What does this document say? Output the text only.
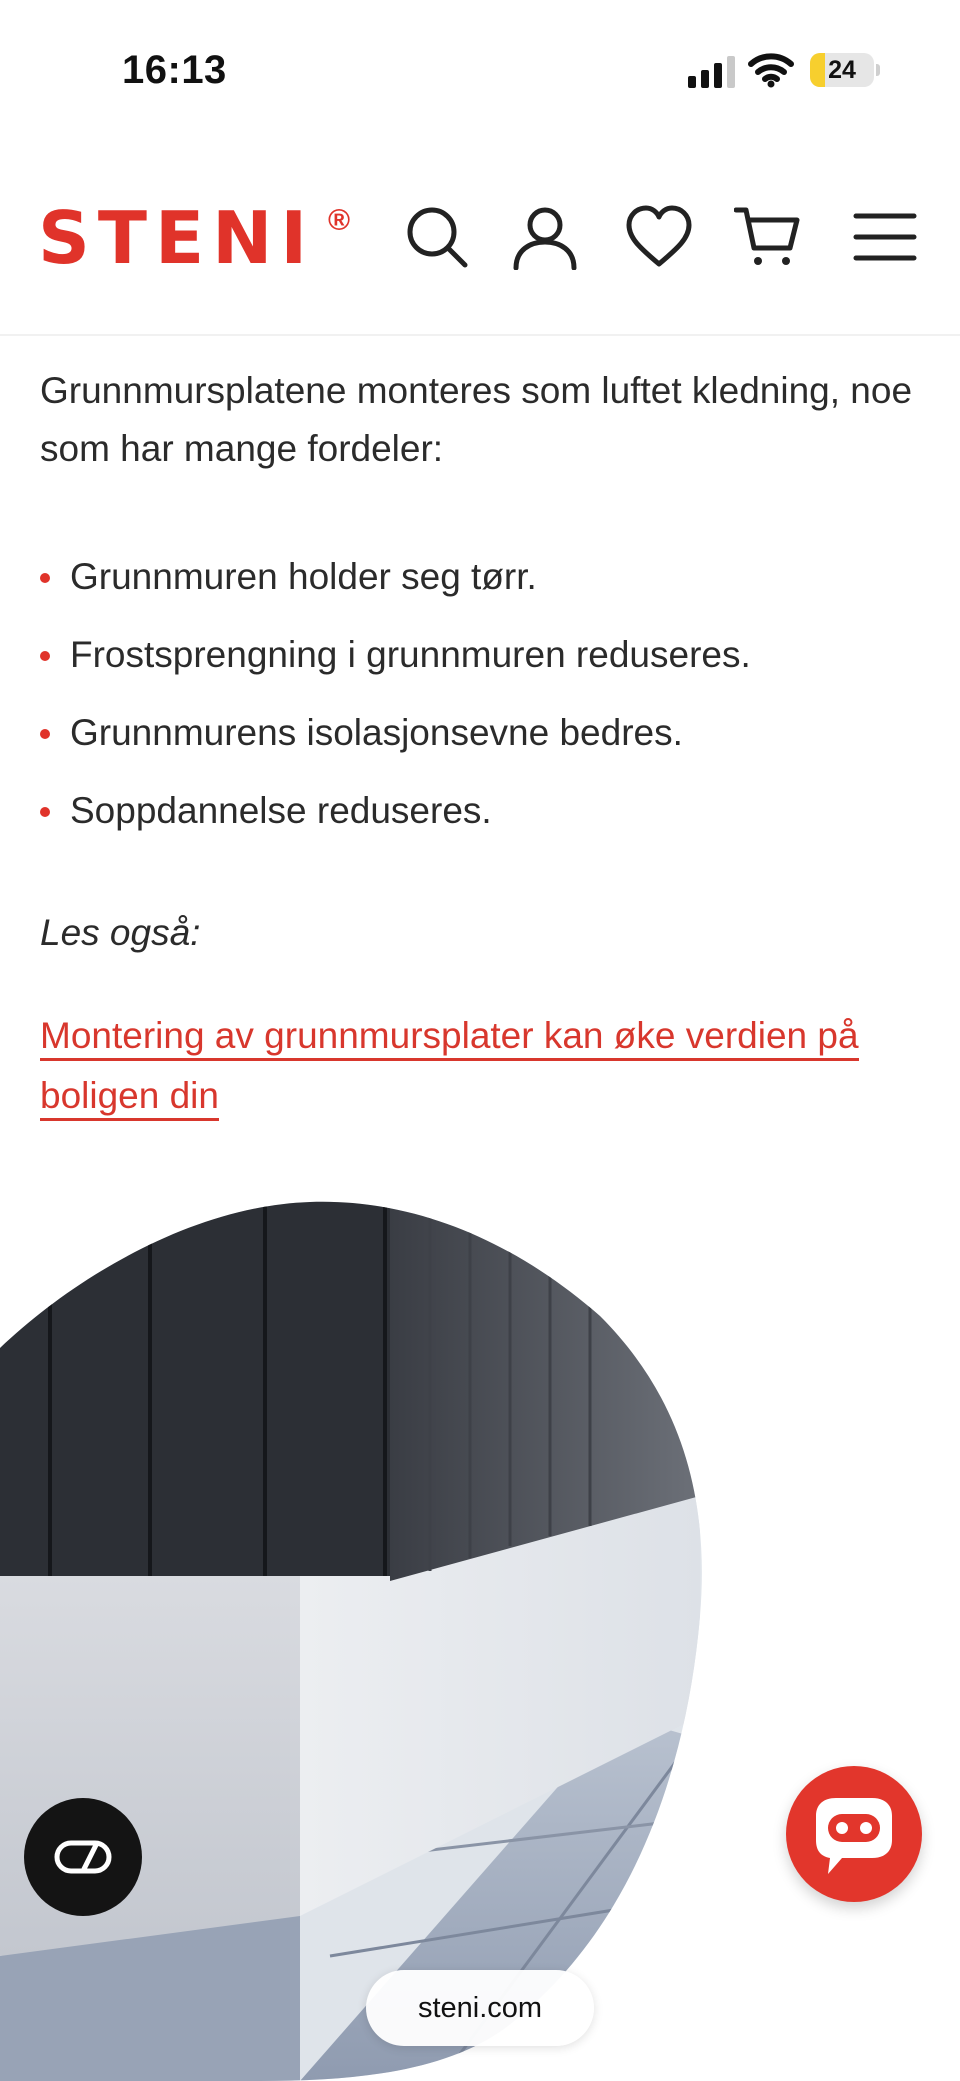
16:13	24
STENI ®

Grunnmursplatene monteres som luftet kledning, noe som har mange fordeler:

Grunnmuren holder seg tørr.
Frostsprengning i grunnmuren reduseres.
Grunnmurens isolasjonsevne bedres.
Soppdannelse reduseres.
Les også:
Montering av grunnmursplater kan øke verdien på boligen din
steni.com
